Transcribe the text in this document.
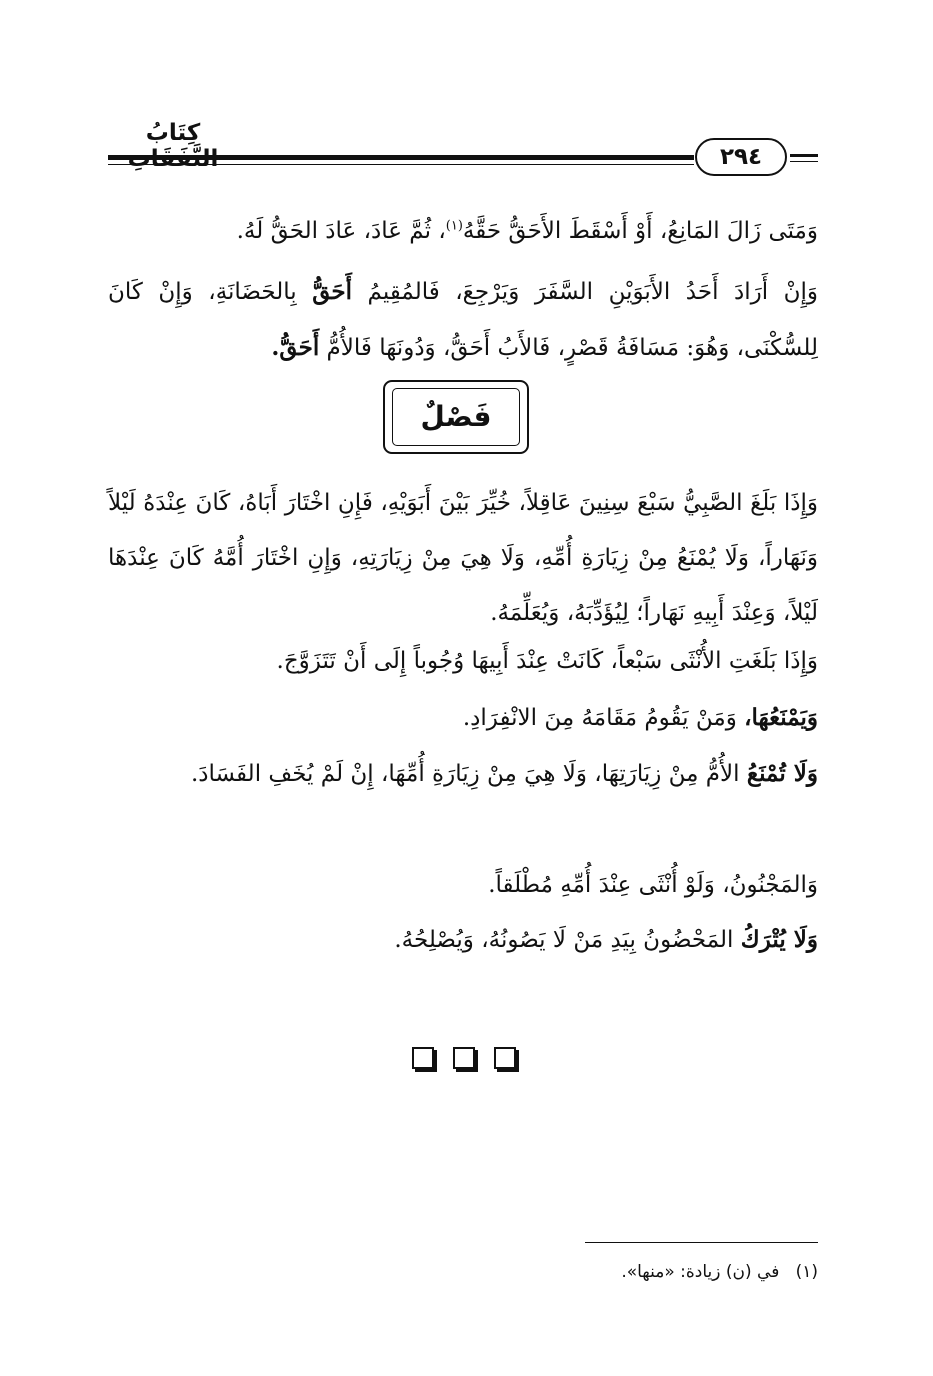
كِتَابُ
٢٩٤
وَمَتَى زَالَ المَانِعُ، أَوْ أَسْقَطَ الأَحَقُّ حَقَّهُ$^{(١)}$، ثُمَّ عَادَ، عَادَ الحَقُّ لَهُ.
وَإِنْ أَرَادَ أَحَدُ الأَبَوَيْنِ السَّفَرَ وَيَرْجِعَ، فَالمُقِيمُ أَحَقُّ بِالحَضَانَةِ، وَإِنْ كَانَ لِلسُّكْنَى، وَهُوَ: مَسَافَةُ قَصْرٍ، فَالأَبُ أَحَقُّ، وَدُونَهَا فَالأُمُّ أَحَقُّ.
فَصْلٌ
وَإِذَا بَلَغَ الصَّبِيُّ سَبْعَ سِنِينَ عَاقِلاً، خُيِّرَ بَيْنَ أَبَوَيْهِ، فَإِنِ اخْتَارَ أَبَاهُ، كَانَ عِنْدَهُ لَيْلاً وَنَهَاراً، وَلَا يُمْنَعُ مِنْ زِيَارَةِ أُمِّهِ، وَلَا هِيَ مِنْ زِيَارَتِهِ، وَإِنِ اخْتَارَ أُمَّهُ كَانَ عِنْدَهَا لَيْلاً، وَعِنْدَ أَبِيهِ نَهَاراً؛ لِيُؤَدِّبَهُ، وَيُعَلِّمَهُ.
وَإِذَا بَلَغَتِ الأُنْثَى سَبْعاً، كَانَتْ عِنْدَ أَبِيهَا وُجُوباً إِلَى أَنْ تَتَزَوَّجَ.
وَيَمْنَعُهَا، وَمَنْ يَقُومُ مَقَامَهُ مِنَ الانْفِرَادِ.
وَلَا تُمْنَعُ الأُمُّ مِنْ زِيَارَتِهَا، وَلَا هِيَ مِنْ زِيَارَةِ أُمِّهَا، إِنْ لَمْ يُخَفِ الفَسَادَ.
وَالمَجْنُونُ، وَلَوْ أُنْثَى عِنْدَ أُمِّهِ مُطْلَقاً.
وَلَا يُتْرَكُ المَحْضُونُ بِيَدِ مَنْ لَا يَصُونُهُ، وَيُصْلِحُهُ.
(١)   في (ن) زيادة: «منها».
